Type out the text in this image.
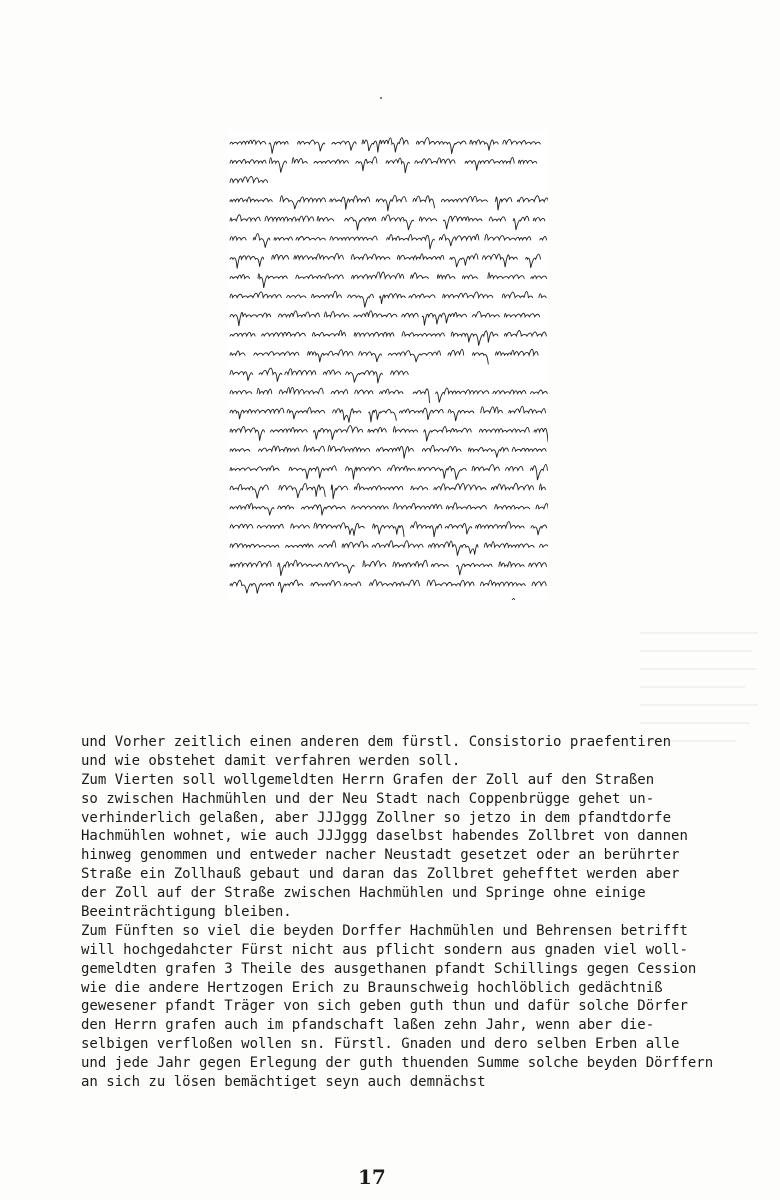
und Vorher zeitlich einen anderen dem fürstl. Consistorio praefentiren
und wie obstehet damit verfahren werden soll.
Zum Vierten soll wollgemeldten Herrn Grafen der Zoll auf den Straßen
so zwischen Hachmühlen und der Neu Stadt nach Coppenbrügge gehet un-
verhinderlich gelaßen, aber JJJggg Zollner so jetzo in dem pfandtdorfe
Hachmühlen wohnet, wie auch JJJggg daselbst habendes Zollbret von dannen
hinweg genommen und entweder nacher Neustadt gesetzet oder an berührter
Straße ein Zollhauß gebaut und daran das Zollbret gehefftet werden aber
der Zoll auf der Straße zwischen Hachmühlen und Springe ohne einige
Beeinträchtigung bleiben.
Zum Fünften so viel die beyden Dorffer Hachmühlen und Behrensen betrifft
will hochgedahcter Fürst nicht aus pflicht sondern aus gnaden viel woll-
gemeldten grafen 3 Theile des ausgethanen pfandt Schillings gegen Cession
wie die andere Hertzogen Erich zu Braunschweig hochlöblich gedächtniß
gewesener pfandt Träger von sich geben guth thun und dafür solche Dörfer
den Herrn grafen auch im pfandschaft laßen zehn Jahr, wenn aber die-
selbigen verfloßen wollen sn. Fürstl. Gnaden und dero selben Erben alle
und jede Jahr gegen Erlegung der guth thuenden Summe solche beyden Dörffern
an sich zu lösen bemächtiget seyn auch demnächst
17
